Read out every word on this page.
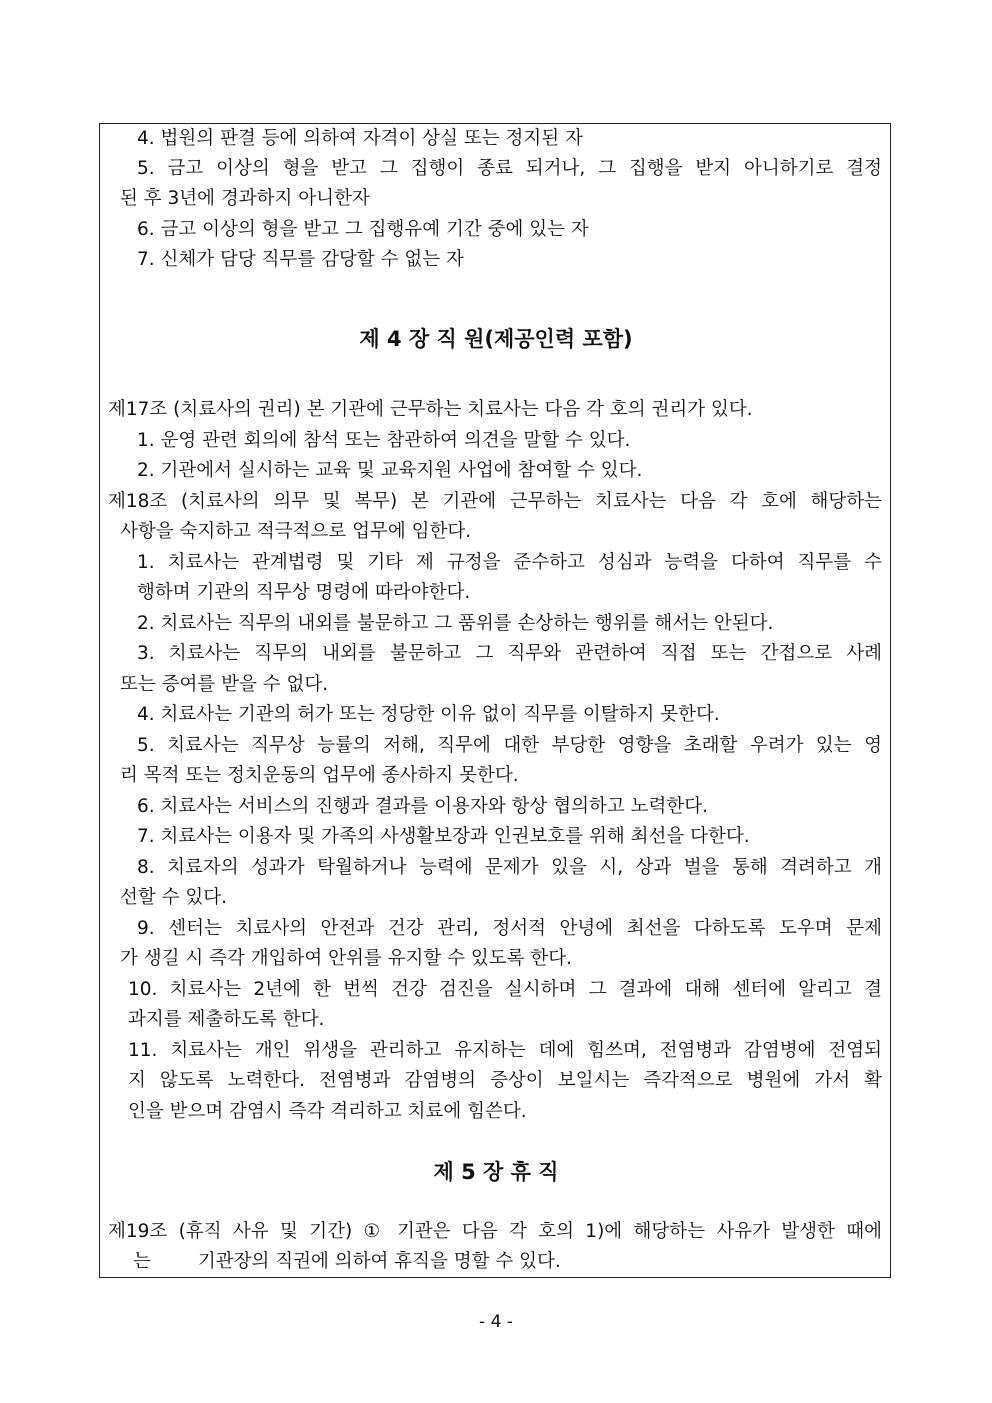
4. 법원의 판결 등에 의하여 자격이 상실 또는 정지된 자
5. 금고 이상의 형을 받고 그 집행이 종료 되거나, 그 집행을 받지 아니하기로 결정
된 후 3년에 경과하지 아니한자
6. 금고 이상의 형을 받고 그 집행유예 기간 중에 있는 자
7. 신체가 담당 직무를 감당할 수 없는 자
제 4 장 직 원(제공인력 포함)
제17조 (치료사의 권리) 본 기관에 근무하는 치료사는 다음 각 호의 권리가 있다.
1. 운영 관련 회의에 참석 또는 참관하여 의견을 말할 수 있다.
2. 기관에서 실시하는 교육 및 교육지원 사업에 참여할 수 있다.
제18조 (치료사의 의무 및 복무) 본 기관에 근무하는 치료사는 다음 각 호에 해당하는
사항을 숙지하고 적극적으로 업무에 임한다.
1. 치료사는 관계법령 및 기타 제 규정을 준수하고 성심과 능력을 다하여 직무를 수
행하며 기관의 직무상 명령에 따라야한다.
2. 치료사는 직무의 내외를 불문하고 그 품위를 손상하는 행위를 해서는 안된다.
3. 치료사는 직무의 내외를 불문하고 그 직무와 관련하여 직접 또는 간접으로 사례
또는 증여를 받을 수 없다.
4. 치료사는 기관의 허가 또는 정당한 이유 없이 직무를 이탈하지 못한다.
5. 치료사는 직무상 능률의 저해, 직무에 대한 부당한 영향을 초래할 우려가 있는 영
리 목적 또는 정치운동의 업무에 종사하지 못한다.
6. 치료사는 서비스의 진행과 결과를 이용자와 항상 협의하고 노력한다.
7. 치료사는 이용자 및 가족의 사생활보장과 인권보호를 위해 최선을 다한다.
8. 치료자의 성과가 탁월하거나 능력에 문제가 있을 시, 상과 벌을 통해 격려하고 개
선할 수 있다.
9. 센터는 치료사의 안전과 건강 관리, 정서적 안녕에 최선을 다하도록 도우며 문제
가 생길 시 즉각 개입하여 안위를 유지할 수 있도록 한다.
10. 치료사는 2년에 한 번씩 건강 검진을 실시하며 그 결과에 대해 센터에 알리고 결
과지를 제출하도록 한다.
11. 치료사는 개인 위생을 관리하고 유지하는 데에 힘쓰며, 전염병과 감염병에 전염되
지 않도록 노력한다. 전염병과 감염병의 증상이 보일시는 즉각적으로 병원에 가서 확
인을 받으며 감염시 즉각 격리하고 치료에 힘쓴다.
제 5 장 휴 직
제19조 (휴직 사유 및 기간) ① 기관은 다음 각 호의 1)에 해당하는 사유가 발생한 때에
는        기관장의 직권에 의하여 휴직을 명할 수 있다.
- 4 -
